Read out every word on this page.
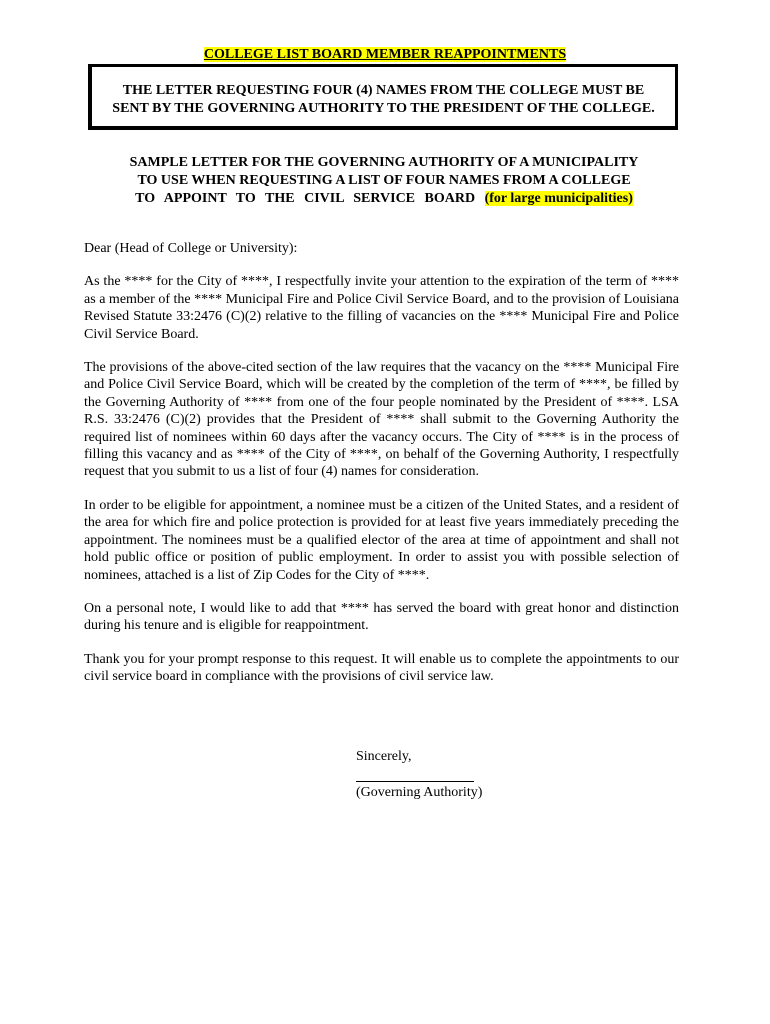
COLLEGE LIST BOARD MEMBER REAPPOINTMENTS
THE LETTER REQUESTING FOUR (4) NAMES FROM THE COLLEGE MUST BE SENT BY THE GOVERNING AUTHORITY TO THE PRESIDENT OF THE COLLEGE.
SAMPLE LETTER FOR THE GOVERNING AUTHORITY OF A MUNICIPALITY
TO USE WHEN REQUESTING A LIST OF FOUR NAMES FROM A COLLEGE
TO APPOINT TO THE CIVIL SERVICE BOARD (for large municipalities)

Dear (Head of College or University):

As the **** for the City of ****, I respectfully invite your attention to the expiration of the term of **** as a member of the **** Municipal Fire and Police Civil Service Board, and to the provision of Louisiana Revised Statute 33:2476 (C)(2) relative to the filling of vacancies on the **** Municipal Fire and Police Civil Service Board.

The provisions of the above-cited section of the law requires that the vacancy on the **** Municipal Fire and Police Civil Service Board, which will be created by the completion of the term of ****, be filled by the Governing Authority of **** from one of the four people nominated by the President of ****. LSA R.S. 33:2476 (C)(2) provides that the President of **** shall submit to the Governing Authority the required list of nominees within 60 days after the vacancy occurs. The City of **** is in the process of filling this vacancy and as **** of the City of ****, on behalf of the Governing Authority, I respectfully request that you submit to us a list of four (4) names for consideration.

In order to be eligible for appointment, a nominee must be a citizen of the United States, and a resident of the area for which fire and police protection is provided for at least five years immediately preceding the appointment. The nominees must be a qualified elector of the area at time of appointment and shall not hold public office or position of public employment. In order to assist you with possible selection of nominees, attached is a list of Zip Codes for the City of ****.

On a personal note, I would like to add that **** has served the board with great honor and distinction during his tenure and is eligible for reappointment.

Thank you for your prompt response to this request. It will enable us to complete the appointments to our civil service board in compliance with the provisions of civil service law.

Sincerely,
(Governing Authority)
